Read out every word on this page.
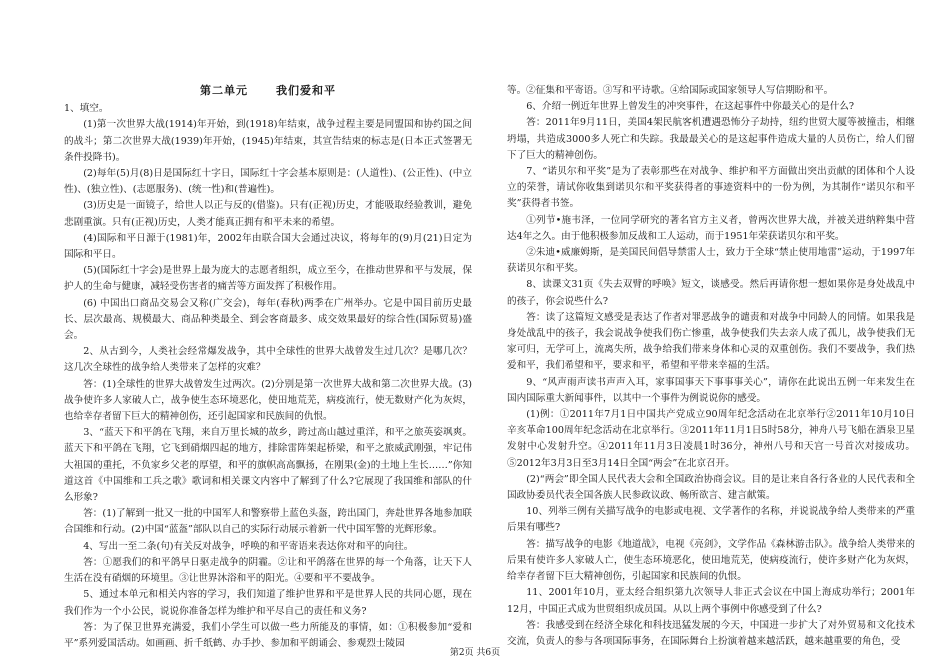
第二单元	我们爱和平

1、填空。

(1)第一次世界大战(1914)年开始，到(1918)年结束，战争过程主要是同盟国和协约国之间的战斗；第二次世界大战(1939)年开始，(1945)年结束，其宣告结束的标志是(日本正式签署无条件投降书)。

(2)每年(5)月(8)日是国际红十字日，国际红十字会基本原则是：(人道性)、(公正性)、(中立性)、(独立性)、(志愿服务)、(统一性)和(普遍性)。

(3)历史是一面镜子，给世人以正与反的(借鉴)。只有(正视)历史，才能吸取经验教训，避免悲剧重演。只有(正视)历史，人类才能真正拥有和平未来的希望。

(4)国际和平日源于(1981)年，2002年由联合国大会通过决议，将每年的(9)月(21)日定为国际和平日。

(5)(国际红十字会)是世界上最为庞大的志愿者组织，成立至今，在推动世界和平与发展，保护人的生命与健康，减轻受伤害者的痛苦等方面发挥了积极作用。

(6) 中国出口商品交易会又称(广交会)，每年(春秋)两季在广州举办。它是中国目前历史最长、层次最高、规模最大、商品种类最全、到会客商最多、成交效果最好的综合性(国际贸易)盛会。

2、从古到今，人类社会经常爆发战争，其中全球性的世界大战曾发生过几次？是哪几次？这几次全球性的战争给人类带来了怎样的灾难？

答：(1)全球性的世界大战曾发生过两次。(2)分别是第一次世界大战和第二次世界大战。(3)战争使许多人家破人亡，战争使生态环境恶化，使田地荒芜，病疫流行，使无数财产化为灰烬，也给幸存者留下巨大的精神创伤，还引起国家和民族间的仇恨。

3、“蓝天下和平鸽在飞翔，来自万里长城的故乡，跨过高山越过重洋，和平之旅英姿飒爽。蓝天下和平鸽在飞翔，它飞到硝烟四起的地方，排除雷阵架起桥梁，和平之旅威武刚强，牢记伟大祖国的重托，不负家乡父老的厚望，和平的旗帜高高飘扬，在刚果(金)的土地上生长……”你知道这首《中国维和工兵之歌》歌词和相关课文内容中了解到了什么?它展现了我国维和部队的什么形象?

答：(1)了解到一批又一批的中国军人和警察带上蓝色头盔，跨出国门，奔赴世界各地参加联合国维和行动。(2)中国“蓝盔”部队以自己的实际行动展示着新一代中国军警的光辉形象。

4、写出一至二条(句)有关反对战争，呼唤的和平寄语来表达你对和平的向往。

答：①愿我们的和平鸽早日驱走战争的阴霾。②让和平鸽落在世界的每一个角落，让天下人生活在没有硝烟的环境里。③让世界沐浴和平的阳光。④要和平不要战争。

5、通过本单元和相关内容的学习，我们知道了维护世界和平是世界人民的共同心愿，现在我们作为一个小公民，说说你准备怎样为维护和平尽自己的责任和义务?

答：为了保卫世界充满爱，我们小学生可以做一些力所能及的事情，如：①积极参加“爱和平”系列爱国活动。如画画、折千纸鹤、办手抄、参加和平朗诵会、参观烈士陵园

等。②征集和平寄语。③写和平诗歌。④给国际或国家领导人写信期盼和平。

6、介绍一例近年世界上曾发生的冲突事件，在这起事件中你最关心的是什么?

答：2011年9月11日，美国4架民航客机遭遇恐怖分子劫持，纽约世贸大厦等被撞击，相继坍塌，共造成3000多人死亡和失踪。我最最关心的是这起事件造成大量的人员伤亡，给人们留下了巨大的精神创伤。

7、“诺贝尔和平奖”是为了表彰那些在对战争、维护和平方面做出突出贡献的团体和个人设立的荣誉，请试你收集到诺贝尔和平奖获得者的事迹资料中的一份为例，为其制作“诺贝尔和平奖”获得者书签。

①列节•施韦泽，一位同学研究的著名官方主义者，曾两次世界大战，并被关进纳粹集中营达4年之久。由于他积极参加反战和工人运动，而于1951年荣获诺贝尔和平奖。

②朱迪•威廉姆斯，是美国民间倡导禁雷人士，致力于全球“禁止使用地雷”运动，于1997年获诺贝尔和平奖。

8、读课文31页《失去双臂的呼唤》短文，谈感受。然后再请你想一想如果你是身处战乱中的孩子，你会说些什么?

答：读了这篇短文感受是表达了作者对罪恶战争的谴责和对战争中同龄人的同情。如果我是身处战乱中的孩子，我会说战争使我们伤亡惨重，战争使我们失去亲人成了孤儿，战争使我们无家可归，无学可上，流离失所，战争给我们带来身体和心灵的双重创伤。我们不要战争，我们热爱和平，我们希望和平，要求和平，希望和平带来幸福的生活。

9、“风声雨声读书声声入耳，家事国事天下事事事关心”，请你在此说出五例一年来发生在国内国际重大新闻事件，以其中一个事件为例说说你的感受。

(1)例：①2011年7月1日中国共产党成立90周年纪念活动在北京举行②2011年10月10日辛亥革命100周年纪念活动在北京举行。③2011年11月1日5时58分，神舟八号飞船在酒泉卫星发射中心发射升空。④2011年11月3日凌晨1时36分，神州八号和天宫一号首次对接成功。⑤2012年3月3日至3月14日全国“两会”在北京召开。

(2)“两会”即全国人民代表大会和全国政治协商会议。目的是让来自各行各业的人民代表和全国政协委员代表全国各族人民参政议政、畅所欲言、建言献策。

10、列举三例有关描写战争的电影或电视、文学著作的名称，并说说战争给人类带来的严重后果有哪些?

答：描写战争的电影《地道战》，电视《亮剑》，文学作品《森林游击队》。战争给人类带来的后果有使许多人家破人亡，使生态环境恶化，使田地荒芜，使病疫流行，使许多财产化为灰烬，给幸存者留下巨大精神创伤，引起国家和民族间的仇恨。

11、2001年10月，亚太经合组织第九次领导人非正式会议在中国上海成功举行；2001年12月，中国正式成为世贸组织成员国。从以上两个事例中你感受到了什么?

答：我感受到在经济全球化和科技迅猛发展的今天，中国进一步扩大了对外贸易和文化技术交流，负责人的参与各项国际事务，在国际舞台上扮演着越来越活跃，越来越重要的角色，受

第2页 共6页
